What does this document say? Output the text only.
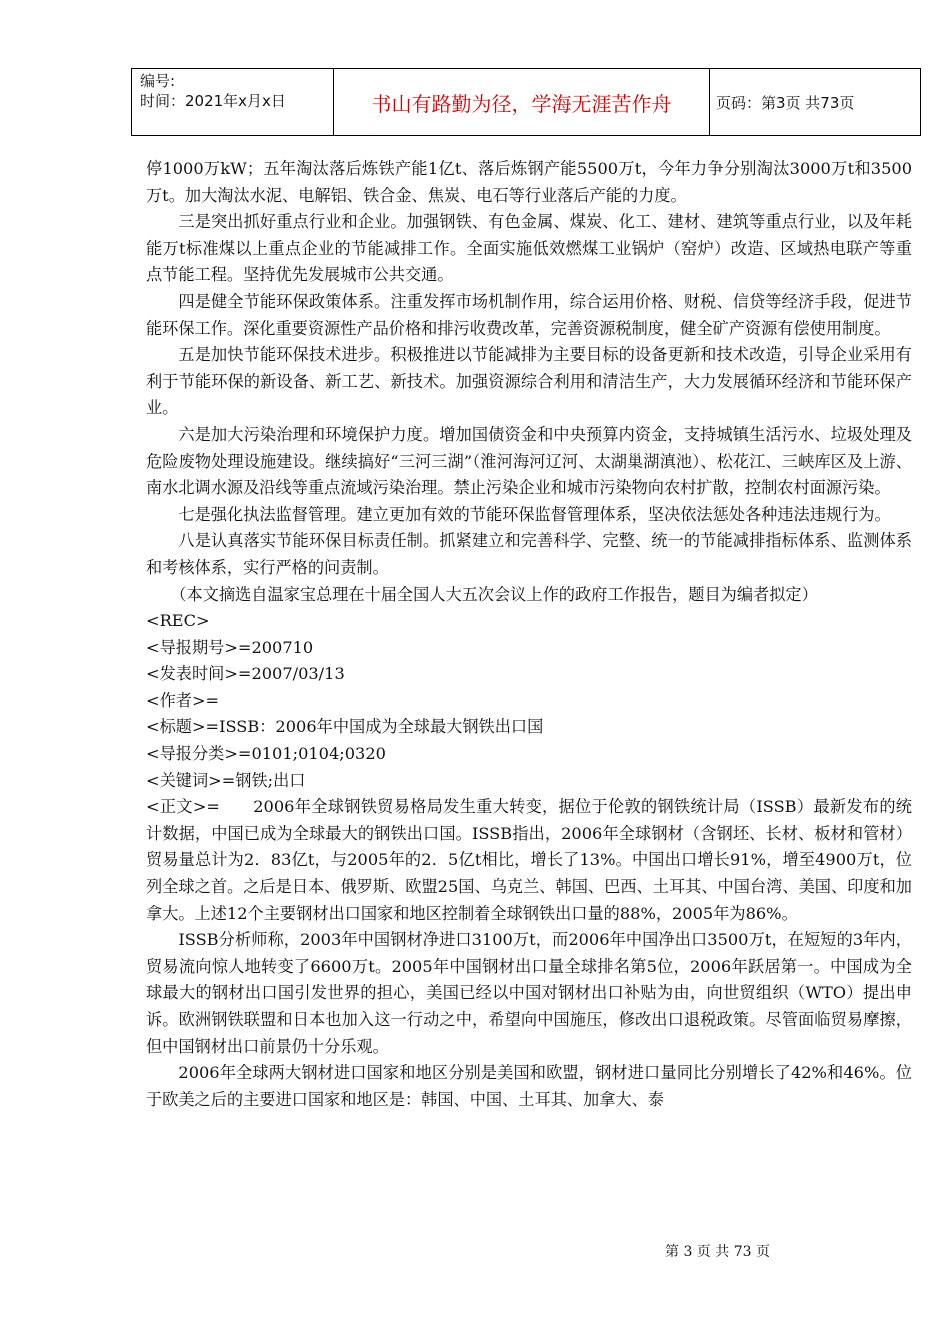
编号:
时间：2021年x月x日	书山有路勤为径，学海无涯苦作舟	页码：第3页 共73页

停1000万kW；五年淘汰落后炼铁产能1亿t、落后炼钢产能5500万t，今年力争分别淘汰3000万t和3500万t。加大淘汰水泥、电解铝、铁合金、焦炭、电石等行业落后产能的力度。

三是突出抓好重点行业和企业。加强钢铁、有色金属、煤炭、化工、建材、建筑等重点行业，以及年耗能万t标准煤以上重点企业的节能减排工作。全面实施低效燃煤工业锅炉（窑炉）改造、区域热电联产等重点节能工程。坚持优先发展城市公共交通。

四是健全节能环保政策体系。注重发挥市场机制作用，综合运用价格、财税、信贷等经济手段，促进节能环保工作。深化重要资源性产品价格和排污收费改革，完善资源税制度，健全矿产资源有偿使用制度。

五是加快节能环保技术进步。积极推进以节能减排为主要目标的设备更新和技术改造，引导企业采用有利于节能环保的新设备、新工艺、新技术。加强资源综合利用和清洁生产，大力发展循环经济和节能环保产业。

六是加大污染治理和环境保护力度。增加国债资金和中央预算内资金，支持城镇生活污水、垃圾处理及危险废物处理设施建设。继续搞好“三河三湖”（淮河海河辽河、太湖巢湖滇池）、松花江、三峡库区及上游、南水北调水源及沿线等重点流域污染治理。禁止污染企业和城市污染物向农村扩散，控制农村面源污染。

七是强化执法监督管理。建立更加有效的节能环保监督管理体系，坚决依法惩处各种违法违规行为。

八是认真落实节能环保目标责任制。抓紧建立和完善科学、完整、统一的节能减排指标体系、监测体系和考核体系，实行严格的问责制。

（本文摘选自温家宝总理在十届全国人大五次会议上作的政府工作报告，题目为编者拟定）

<REC>

<导报期号>=200710

<发表时间>=2007/03/13

<作者>=

<标题>=ISSB：2006年中国成为全球最大钢铁出口国

<导报分类>=0101;0104;0320

<关键词>=钢铁;出口

<正文>=　　2006年全球钢铁贸易格局发生重大转变，据位于伦敦的钢铁统计局（ISSB）最新发布的统计数据，中国已成为全球最大的钢铁出口国。ISSB指出，2006年全球钢材（含钢坯、长材、板材和管材）贸易量总计为2．83亿t，与2005年的2．5亿t相比，增长了13%。中国出口增长91%，增至4900万t，位列全球之首。之后是日本、俄罗斯、欧盟25国、乌克兰、韩国、巴西、土耳其、中国台湾、美国、印度和加拿大。上述12个主要钢材出口国家和地区控制着全球钢铁出口量的88%，2005年为86%。

ISSB分析师称，2003年中国钢材净进口3100万t，而2006年中国净出口3500万t，在短短的3年内，贸易流向惊人地转变了6600万t。2005年中国钢材出口量全球排名第5位，2006年跃居第一。中国成为全球最大的钢材出口国引发世界的担心，美国已经以中国对钢材出口补贴为由，向世贸组织（WTO）提出申诉。欧洲钢铁联盟和日本也加入这一行动之中，希望向中国施压，修改出口退税政策。尽管面临贸易摩擦，但中国钢材出口前景仍十分乐观。

2006年全球两大钢材进口国家和地区分别是美国和欧盟，钢材进口量同比分别增长了42%和46%。位于欧美之后的主要进口国家和地区是：韩国、中国、土耳其、加拿大、泰

第 3 页 共 73 页
